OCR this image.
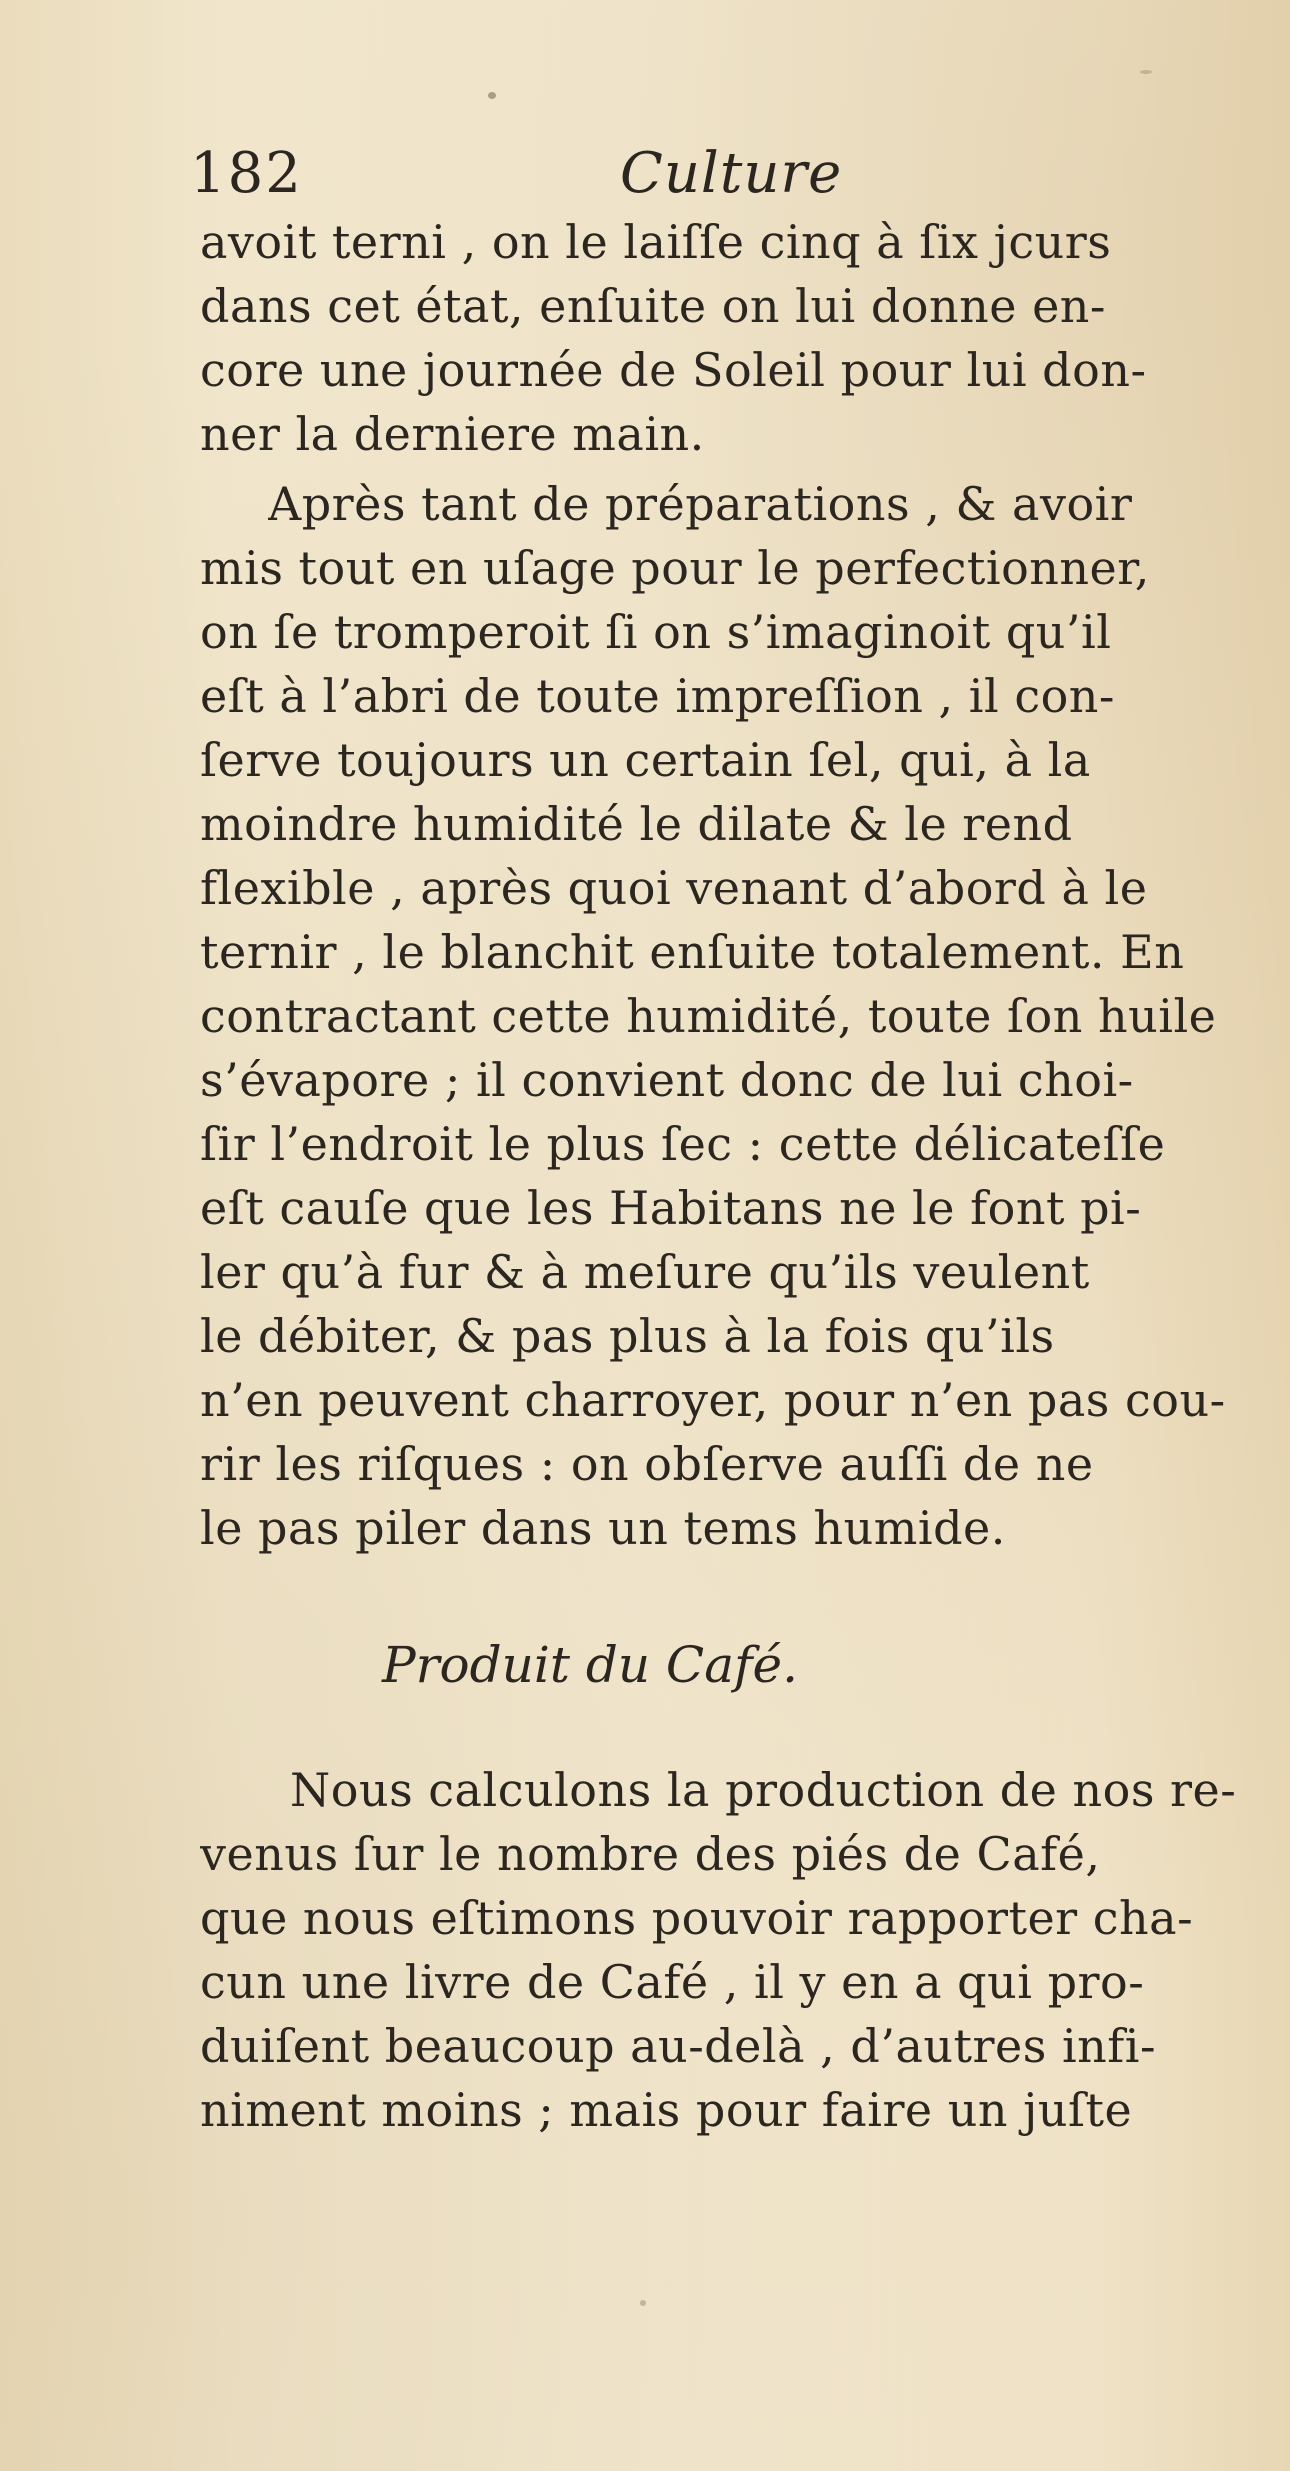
182	Culture
avoit terni , on le laiſſe cinq à ſix jcurs
dans cet état, enſuite on lui donne en-
core une journée de Soleil pour lui don-
ner la derniere main.
Après tant de préparations , & avoir
mis tout en uſage pour le perfectionner,
on ſe tromperoit ſi on s’imaginoit qu’il
eſt à l’abri de toute impreſſion , il con-
ſerve toujours un certain ſel, qui, à la
moindre humidité le dilate & le rend
flexible , après quoi venant d’abord à le
ternir , le blanchit enſuite totalement. En
contractant cette humidité, toute ſon huile
s’évapore ; il convient donc de lui choi-
ſir l’endroit le plus ſec : cette délicateſſe
eſt cauſe que les Habitans ne le font pi-
ler qu’à fur & à meſure qu’ils veulent
le débiter, & pas plus à la fois qu’ils
n’en peuvent charroyer, pour n’en pas cou-
rir les riſques : on obſerve auſſi de ne
le pas piler dans un tems humide.
Nous calculons la production de nos re-
venus ſur le nombre des piés de Café,
que nous eſtimons pouvoir rapporter cha-
cun une livre de Café , il y en a qui pro-
duiſent beaucoup au-delà , d’autres infi-
niment moins ; mais pour faire un juſte
Produit du Café.
